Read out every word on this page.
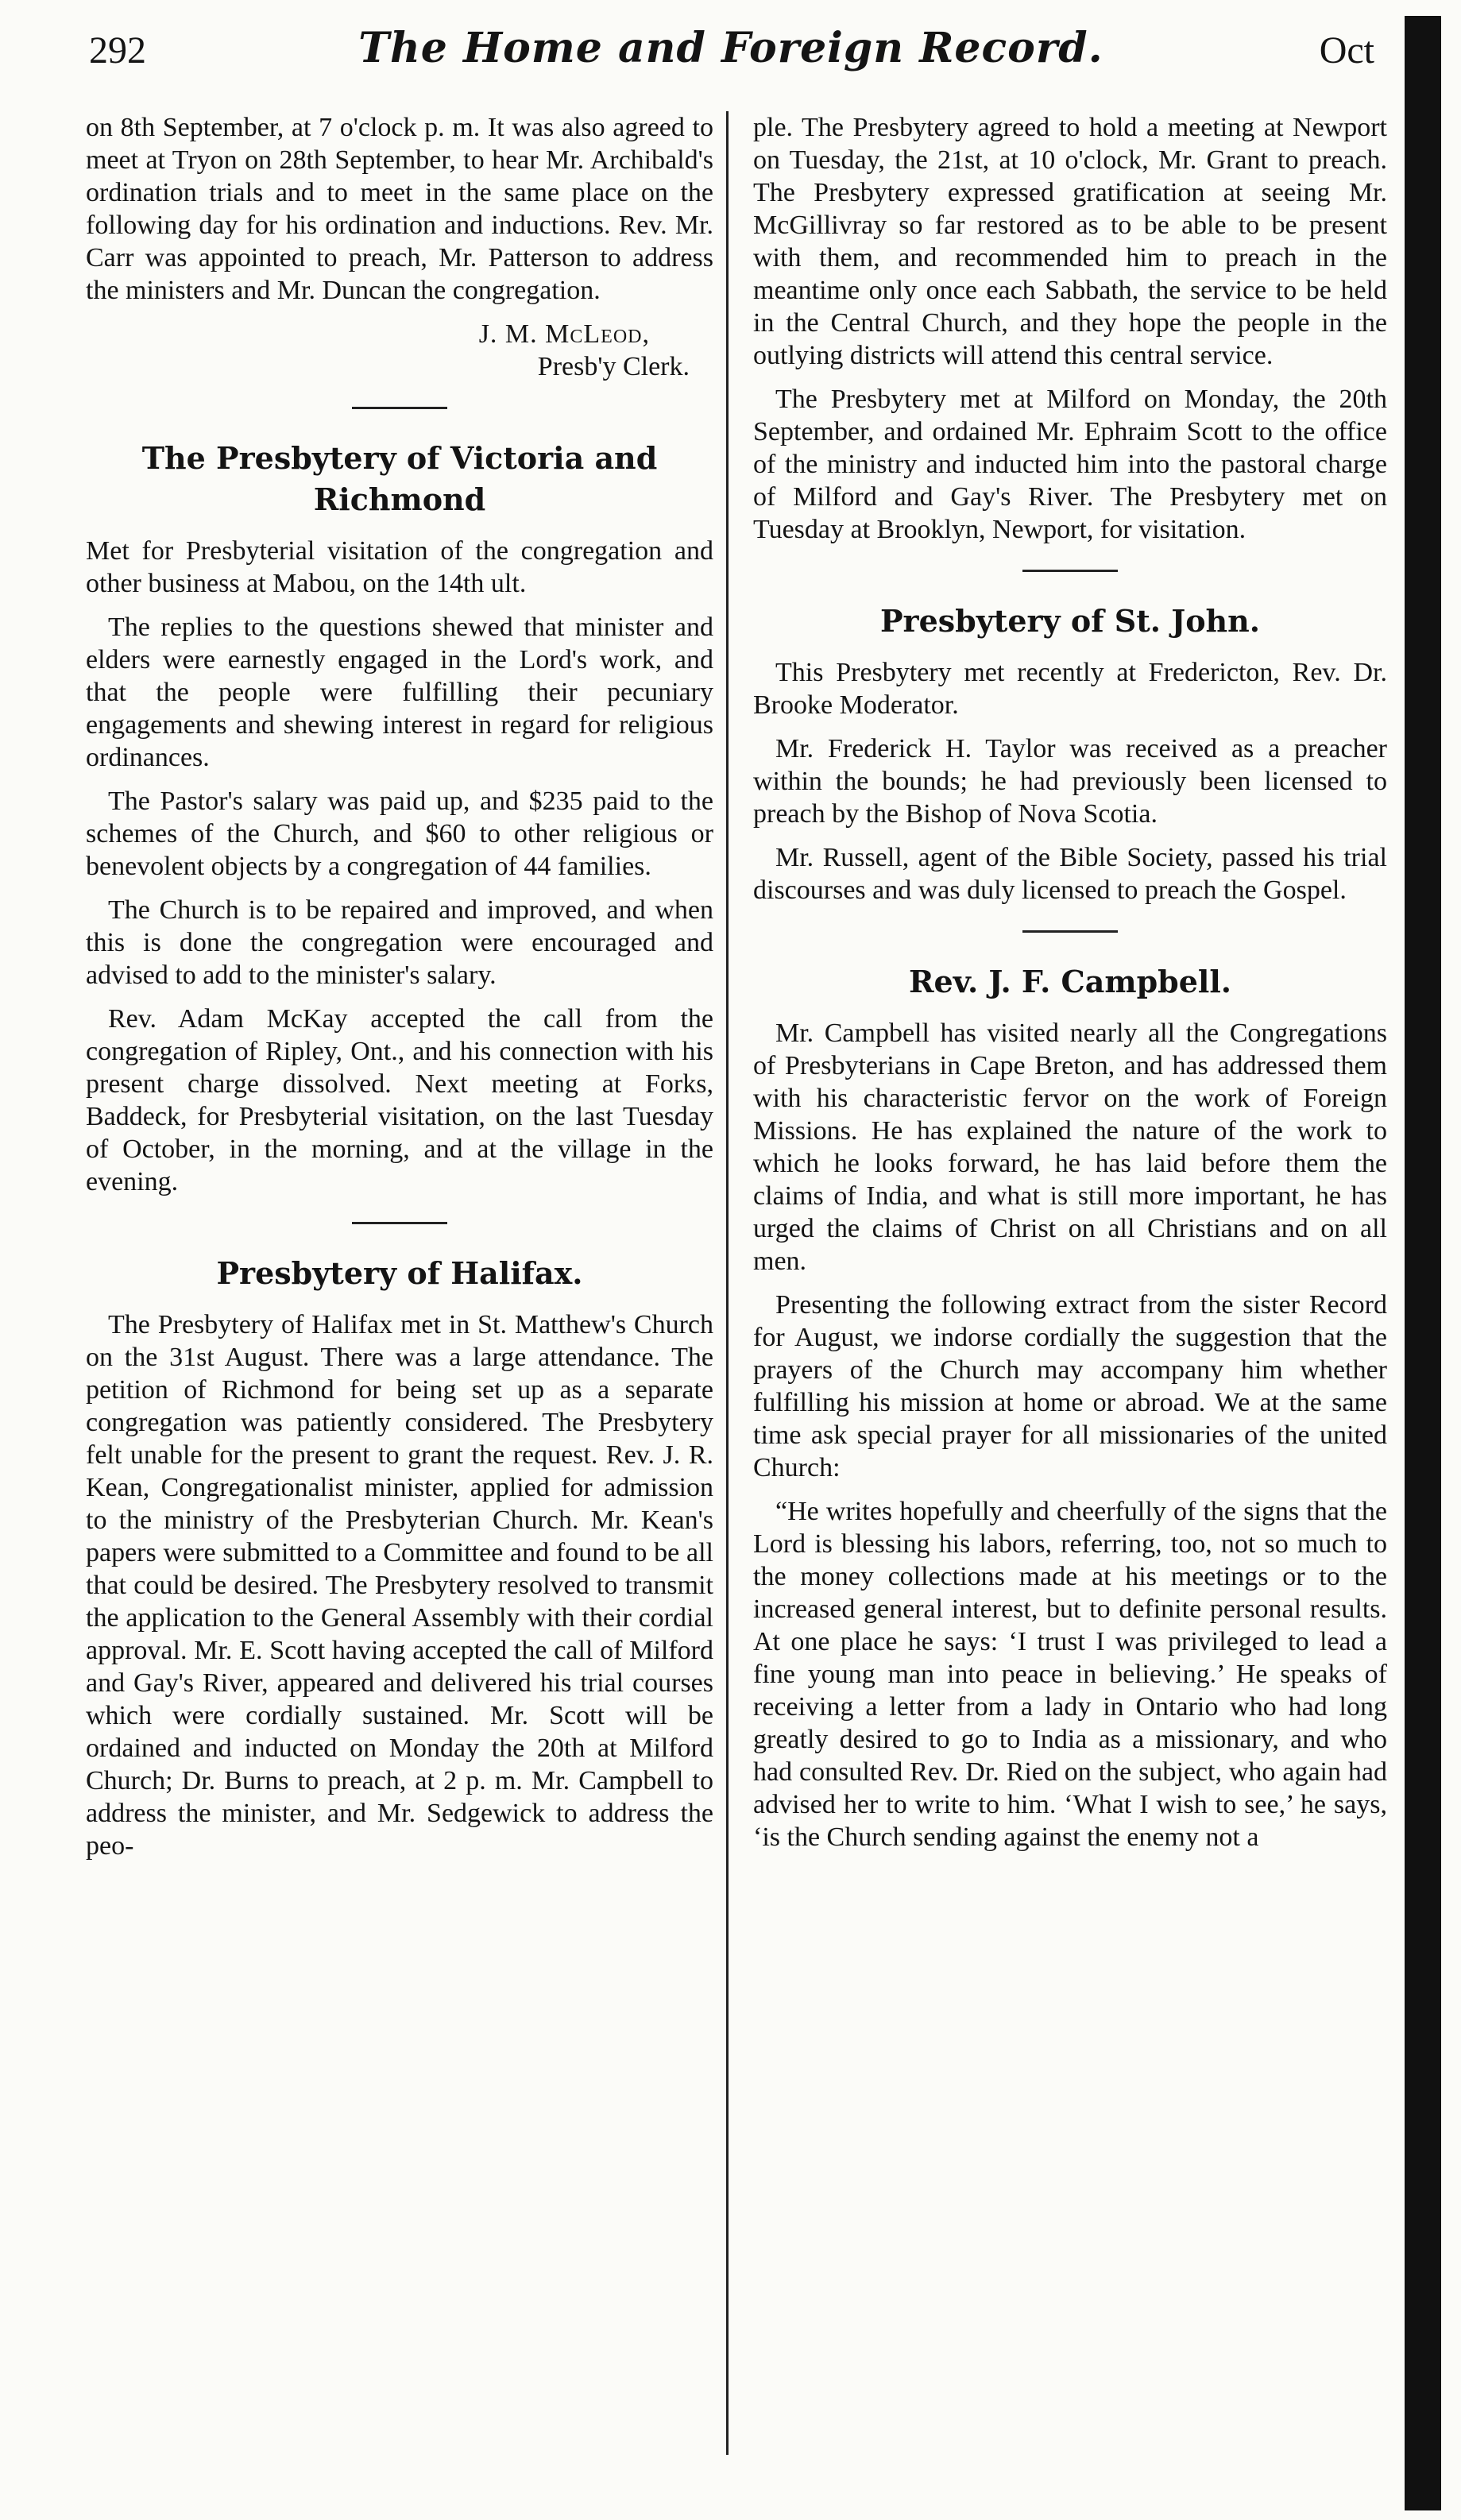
292	The Home and Foreign Record.	Oct

on 8th September, at 7 o'clock p. m. It was also agreed to meet at Tryon on 28th September, to hear Mr. Archibald's ordination trials and to meet in the same place on the following day for his ordination and inductions. Rev. Mr. Carr was appointed to preach, Mr. Patterson to address the ministers and Mr. Duncan the congregation.

J. M. McLeod,
Presb'y Clerk.
The Presbytery of Victoria and Richmond

Met for Presbyterial visitation of the congregation and other business at Mabou, on the 14th ult.

The replies to the questions shewed that minister and elders were earnestly engaged in the Lord's work, and that the people were fulfilling their pecuniary engagements and shewing interest in regard for religious ordinances.

The Pastor's salary was paid up, and $235 paid to the schemes of the Church, and $60 to other religious or benevolent objects by a congregation of 44 families.

The Church is to be repaired and improved, and when this is done the congregation were encouraged and advised to add to the minister's salary.

Rev. Adam McKay accepted the call from the congregation of Ripley, Ont., and his connection with his present charge dissolved. Next meeting at Forks, Baddeck, for Presbyterial visitation, on the last Tuesday of October, in the morning, and at the village in the evening.

Presbytery of Halifax.

The Presbytery of Halifax met in St. Matthew's Church on the 31st August. There was a large attendance. The petition of Richmond for being set up as a separate congregation was patiently considered. The Presbytery felt unable for the present to grant the request. Rev. J. R. Kean, Congregationalist minister, applied for admission to the ministry of the Presbyterian Church. Mr. Kean's papers were submitted to a Committee and found to be all that could be desired. The Presbytery resolved to transmit the application to the General Assembly with their cordial approval. Mr. E. Scott having accepted the call of Milford and Gay's River, appeared and delivered his trial courses which were cordially sustained. Mr. Scott will be ordained and inducted on Monday the 20th at Milford Church; Dr. Burns to preach, at 2 p. m. Mr. Campbell to address the minister, and Mr. Sedgewick to address the peo-

ple. The Presbytery agreed to hold a meeting at Newport on Tuesday, the 21st, at 10 o'clock, Mr. Grant to preach. The Presbytery expressed gratification at seeing Mr. McGillivray so far restored as to be able to be present with them, and recommended him to preach in the meantime only once each Sabbath, the service to be held in the Central Church, and they hope the people in the outlying districts will attend this central service.

The Presbytery met at Milford on Monday, the 20th September, and ordained Mr. Ephraim Scott to the office of the ministry and inducted him into the pastoral charge of Milford and Gay's River. The Presbytery met on Tuesday at Brooklyn, Newport, for visitation.

Presbytery of St. John.

This Presbytery met recently at Fredericton, Rev. Dr. Brooke Moderator.

Mr. Frederick H. Taylor was received as a preacher within the bounds; he had previously been licensed to preach by the Bishop of Nova Scotia.

Mr. Russell, agent of the Bible Society, passed his trial discourses and was duly licensed to preach the Gospel.

Rev. J. F. Campbell.

Mr. Campbell has visited nearly all the Congregations of Presbyterians in Cape Breton, and has addressed them with his characteristic fervor on the work of Foreign Missions. He has explained the nature of the work to which he looks forward, he has laid before them the claims of India, and what is still more important, he has urged the claims of Christ on all Christians and on all men.

Presenting the following extract from the sister Record for August, we indorse cordially the suggestion that the prayers of the Church may accompany him whether fulfilling his mission at home or abroad. We at the same time ask special prayer for all missionaries of the united Church:

“He writes hopefully and cheerfully of the signs that the Lord is blessing his labors, referring, too, not so much to the money collections made at his meetings or to the increased general interest, but to definite personal results. At one place he says: ‘I trust I was privileged to lead a fine young man into peace in believing.’ He speaks of receiving a letter from a lady in Ontario who had long greatly desired to go to India as a missionary, and who had consulted Rev. Dr. Ried on the subject, who again had advised her to write to him. ‘What I wish to see,’ he says, ‘is the Church sending against the enemy not a
